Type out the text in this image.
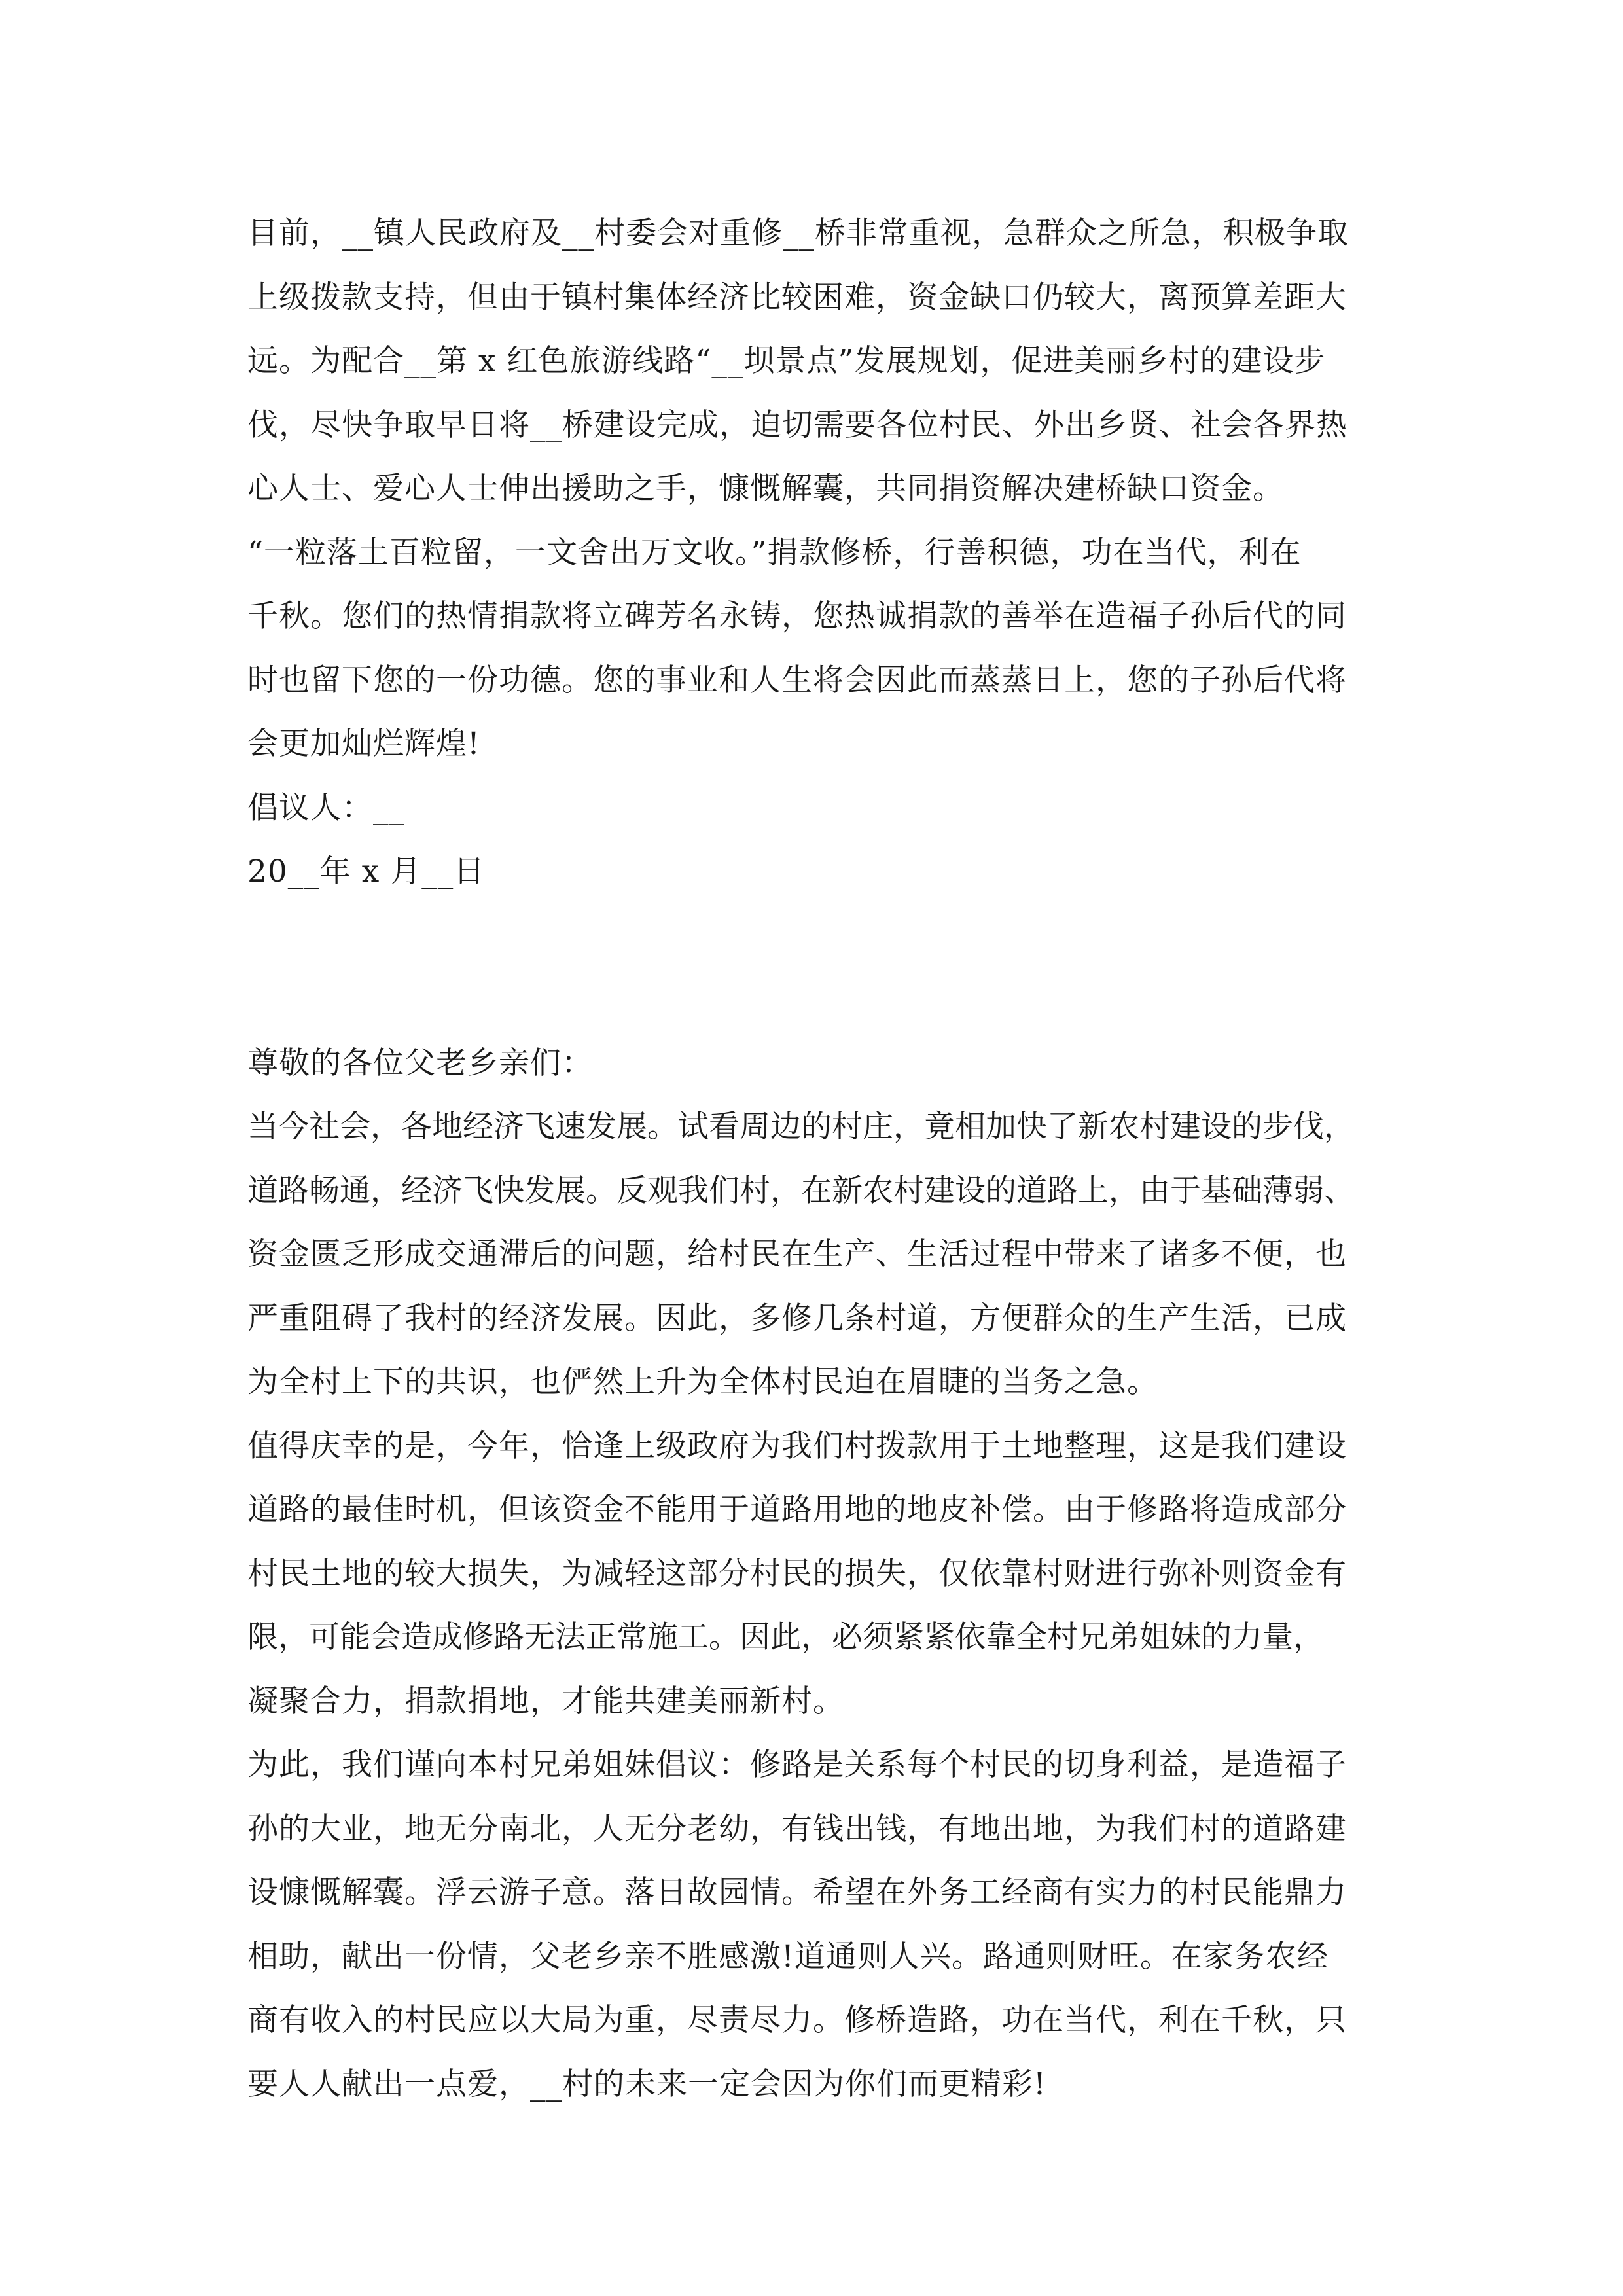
目前，__镇人民政府及__村委会对重修__桥非常重视，急群众之所急，积极争取

上级拨款支持，但由于镇村集体经济比较困难，资金缺口仍较大，离预算差距大

远。为配合__第 x 红色旅游线路“__坝景点”发展规划，促进美丽乡村的建设步

伐，尽快争取早日将__桥建设完成，迫切需要各位村民、外出乡贤、社会各界热

心人士、爱心人士伸出援助之手，慷慨解囊，共同捐资解决建桥缺口资金。

“一粒落土百粒留，一文舍出万文收。”捐款修桥，行善积德，功在当代，利在

千秋。您们的热情捐款将立碑芳名永铸，您热诚捐款的善举在造福子孙后代的同

时也留下您的一份功德。您的事业和人生将会因此而蒸蒸日上，您的子孙后代将

会更加灿烂辉煌!

倡议人：__

20__年 x 月__日

尊敬的各位父老乡亲们：

当今社会，各地经济飞速发展。试看周边的村庄，竟相加快了新农村建设的步伐，

道路畅通，经济飞快发展。反观我们村，在新农村建设的道路上，由于基础薄弱、

资金匮乏形成交通滞后的问题，给村民在生产、生活过程中带来了诸多不便，也

严重阻碍了我村的经济发展。因此，多修几条村道，方便群众的生产生活，已成

为全村上下的共识，也俨然上升为全体村民迫在眉睫的当务之急。

值得庆幸的是，今年，恰逢上级政府为我们村拨款用于土地整理，这是我们建设

道路的最佳时机，但该资金不能用于道路用地的地皮补偿。由于修路将造成部分

村民土地的较大损失，为减轻这部分村民的损失，仅依靠村财进行弥补则资金有

限，可能会造成修路无法正常施工。因此，必须紧紧依靠全村兄弟姐妹的力量，

凝聚合力，捐款捐地，才能共建美丽新村。

为此，我们谨向本村兄弟姐妹倡议：修路是关系每个村民的切身利益，是造福子

孙的大业，地无分南北，人无分老幼，有钱出钱，有地出地，为我们村的道路建

设慷慨解囊。浮云游子意。落日故园情。希望在外务工经商有实力的村民能鼎力

相助，献出一份情，父老乡亲不胜感激!道通则人兴。路通则财旺。在家务农经

商有收入的村民应以大局为重，尽责尽力。修桥造路，功在当代，利在千秋，只

要人人献出一点爱，__村的未来一定会因为你们而更精彩!
